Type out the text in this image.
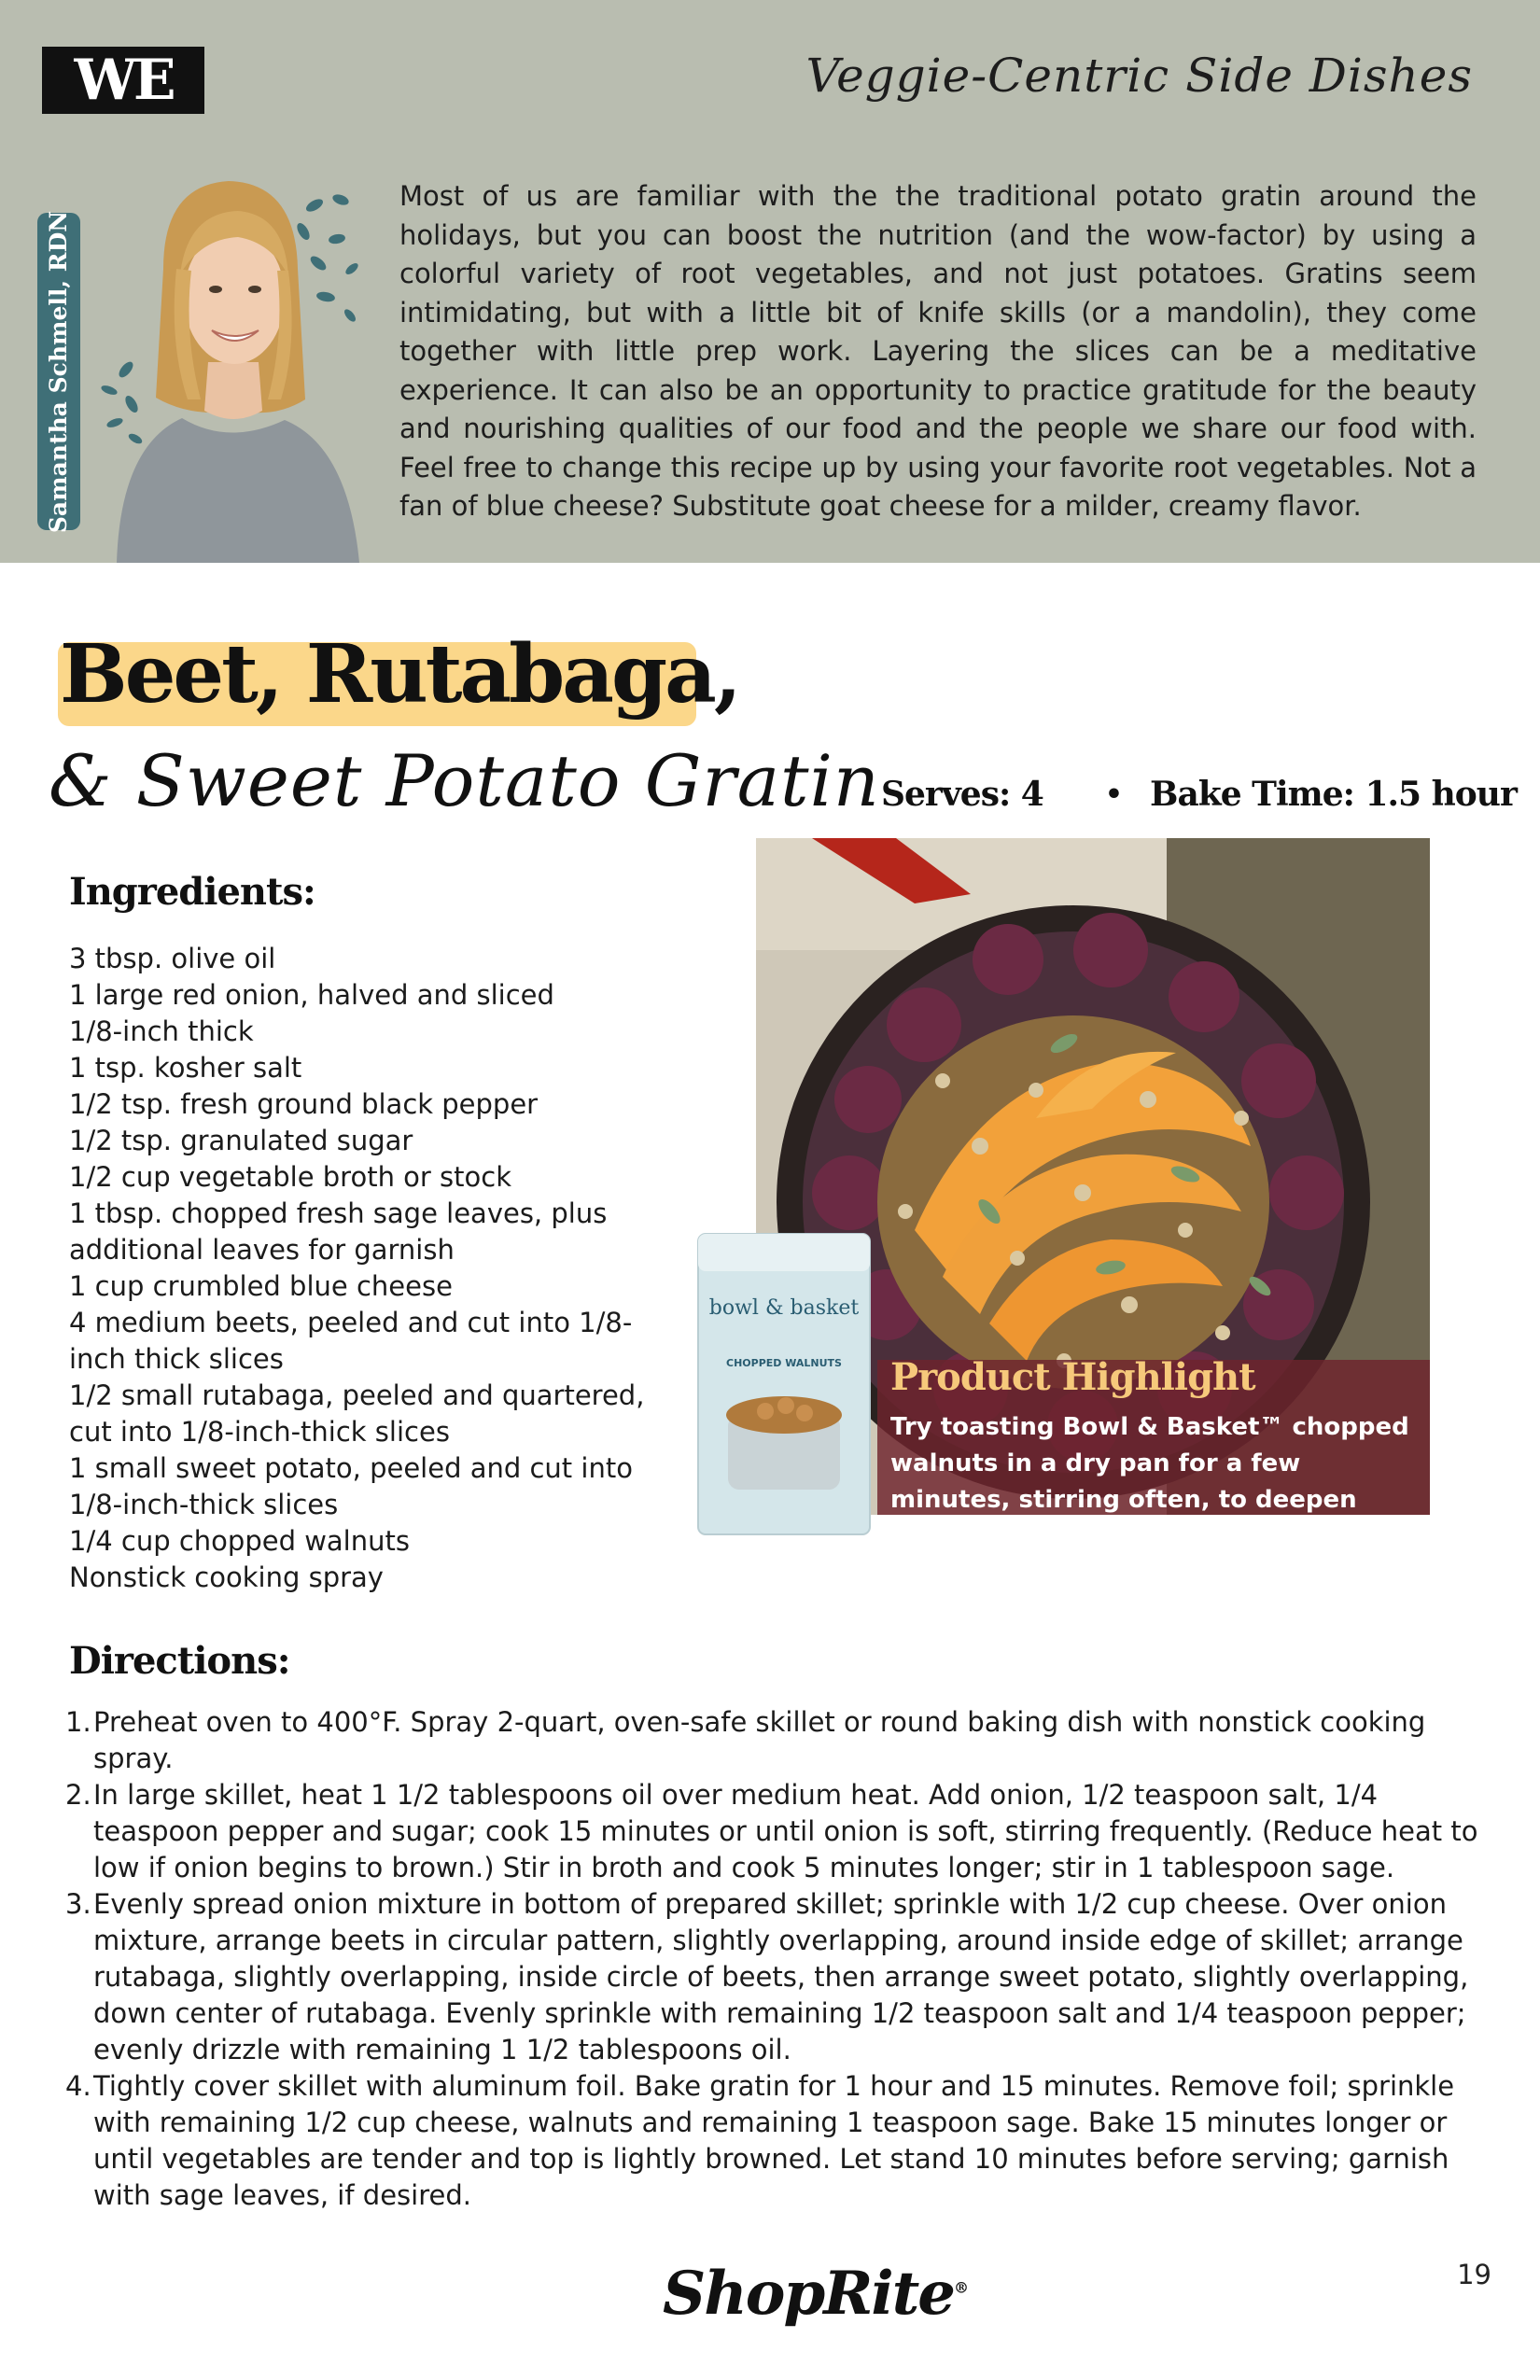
WE	Veggie-Centric Side Dishes
Samantha Schmell, RDN

Most of us are familiar with the the traditional potato gratin around the holidays, but you can boost the nutrition (and the wow-factor) by using a colorful variety of root vegetables, and not just potatoes. Gratins seem intimidating, but with a little bit of knife skills (or a mandolin), they come together with little prep work. Layering the slices can be a meditative experience. It can also be an opportunity to practice gratitude for the beauty and nourishing qualities of our food and the people we share our food with. Feel free to change this recipe up by using your favorite root vegetables. Not a fan of blue cheese? Substitute goat cheese for a milder, creamy flavor.

Beet, Rutabaga,
& Sweet Potato Gratin Serves: 4 • Bake Time: 1.5 hour
Ingredients:
3 tbsp. olive oil
1 large red onion, halved and sliced 1/8-inch thick
1 tsp. kosher salt
1/2 tsp. fresh ground black pepper
1/2 tsp. granulated sugar
1/2 cup vegetable broth or stock
1 tbsp. chopped fresh sage leaves, plus additional leaves for garnish
1 cup crumbled blue cheese
4 medium beets, peeled and cut into 1/8-inch thick slices
1/2 small rutabaga, peeled and quartered, cut into 1/8-inch-thick slices
1 small sweet potato, peeled and cut into 1/8-inch-thick slices
1/4 cup chopped walnuts
Nonstick cooking spray
bowl & basket
CHOPPED WALNUTS Product Highlight

Try toasting Bowl & Basket™ chopped walnuts in a dry pan for a few minutes, stirring often, to deepen their flavor.

Directions:
1. Preheat oven to 400°F. Spray 2-quart, oven-safe skillet or round baking dish with nonstick cooking spray.
2. In large skillet, heat 1 1/2 tablespoons oil over medium heat. Add onion, 1/2 teaspoon salt, 1/4 teaspoon pepper and sugar; cook 15 minutes or until onion is soft, stirring frequently. (Reduce heat to low if onion begins to brown.) Stir in broth and cook 5 minutes longer; stir in 1 tablespoon sage.
3. Evenly spread onion mixture in bottom of prepared skillet; sprinkle with 1/2 cup cheese. Over onion mixture, arrange beets in circular pattern, slightly overlapping, around inside edge of skillet; arrange rutabaga, slightly overlapping, inside circle of beets, then arrange sweet potato, slightly overlapping, down center of rutabaga. Evenly sprinkle with remaining 1/2 teaspoon salt and 1/4 teaspoon pepper; evenly drizzle with remaining 1 1/2 tablespoons oil.
4. Tightly cover skillet with aluminum foil. Bake gratin for 1 hour and 15 minutes. Remove foil; sprinkle with remaining 1/2 cup cheese, walnuts and remaining 1 teaspoon sage. Bake 15 minutes longer or until vegetables are tender and top is lightly browned. Let stand 10 minutes before serving; garnish with sage leaves, if desired.
ShopRite®	19
